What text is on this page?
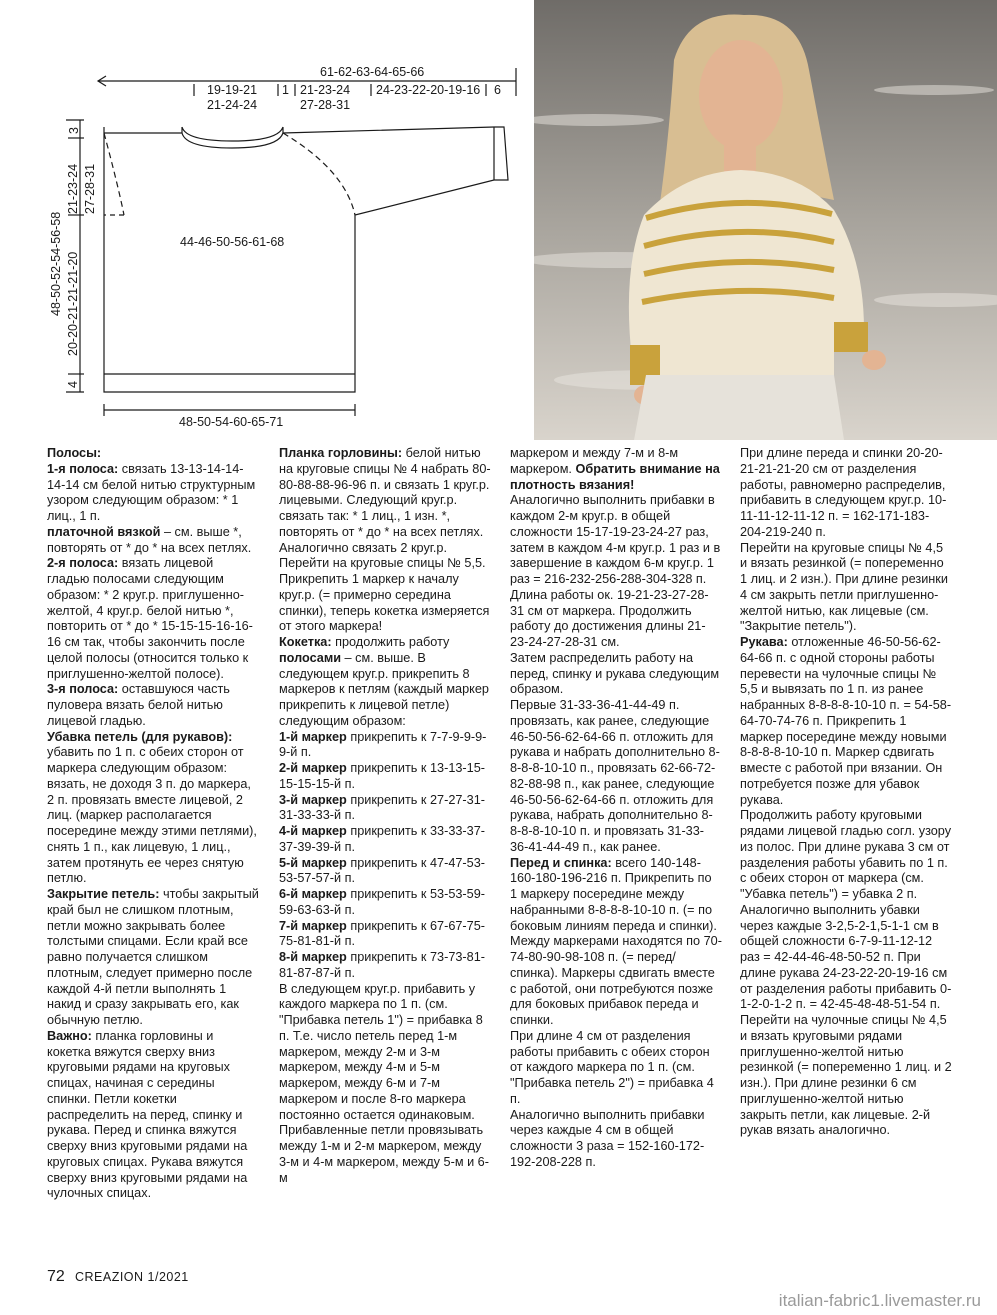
61-62-63-64-65-66
19-19-21
21-24-24
1 21-23-24
27-28-31
24-23-22-20-19-16 6
3
48-50-52-54-56-58
21-23-24 27-28-31
20-20-21-21-21-20
4
44-46-50-56-61-68
48-50-54-60-65-71

Полосы:

1-я полоса: связать 13-13-14-14-14-14 см белой нитью структурным узором следующим образом: * 1 лиц., 1 п.

платочной вязкой – см. выше *, повторять от * до * на всех петлях.

2-я полоса: вязать лицевой гладью полосами следующим образом: * 2 круг.р. приглушенно-желтой, 4 круг.р. белой нитью *, повторить от * до * 15-15-15-16-16-16 см так, чтобы закончить после целой полосы (относится только к приглушенно-желтой полосе).

3-я полоса: оставшуюся часть пуловера вязать белой нитью лицевой гладью.

Убавка петель (для рукавов): убавить по 1 п. с обеих сторон от маркера следующим образом: вязать, не доходя 3 п. до маркера, 2 п. провязать вместе лицевой, 2 лиц. (маркер располагается посередине между этими петлями), снять 1 п., как лицевую, 1 лиц., затем протянуть ее через снятую петлю.

Закрытие петель: чтобы закрытый край был не слишком плотным, петли можно закрывать более толстыми спицами. Если край все равно получается слишком плотным, следует примерно после каждой 4-й петли выполнять 1 накид и сразу закрывать его, как обычную петлю.

Важно: планка горловины и кокетка вяжутся сверху вниз круговыми рядами на круговых спицах, начиная с середины спинки. Петли кокетки распределить на перед, спинку и рукава. Перед и спинка вяжутся сверху вниз круговыми рядами на круговых спицах. Рукава вяжутся сверху вниз круговыми рядами на чулочных спицах.

Планка горловины: белой нитью на круговые спицы № 4 набрать 80-80-88-88-96-96 п. и связать 1 круг.р. лицевыми. Следующий круг.р. связать так: * 1 лиц., 1 изн. *, повторять от * до * на всех петлях. Аналогично связать 2 круг.р. Перейти на круговые спицы № 5,5. Прикрепить 1 маркер к началу круг.р. (= примерно середина спинки), теперь кокетка измеряется от этого маркера!

Кокетка: продолжить работу

полосами – см. выше. В следующем круг.р. прикрепить 8 маркеров к петлям (каждый маркер прикрепить к лицевой петле) следующим образом:

1-й маркер прикрепить к 7-7-9-9-9-9-й п.

2-й маркер прикрепить к 13-13-15-15-15-15-й п.

3-й маркер прикрепить к 27-27-31-31-33-33-й п.

4-й маркер прикрепить к 33-33-37-37-39-39-й п.

5-й маркер прикрепить к 47-47-53-53-57-57-й п.

6-й маркер прикрепить к 53-53-59-59-63-63-й п.

7-й маркер прикрепить к 67-67-75-75-81-81-й п.

8-й маркер прикрепить к 73-73-81-81-87-87-й п.

В следующем круг.р. прибавить у каждого маркера по 1 п. (см. "Прибавка петель 1") = прибавка 8 п. Т.е. число петель перед 1-м маркером, между 2-м и 3-м маркером, между 4-м и 5-м маркером, между 6-м и 7-м маркером и после 8-го маркера постоянно остается одинаковым. Прибавленные петли провязывать между 1-м и 2-м маркером, между 3-м и 4-м маркером, между 5-м и 6-м

маркером и между 7-м и 8-м маркером. Обратить внимание на плотность вязания!

Аналогично выполнить прибавки в каждом 2-м круг.р. в общей сложности 15-17-19-23-24-27 раз, затем в каждом 4-м круг.р. 1 раз и в завершение в каждом 6-м круг.р. 1 раз = 216-232-256-288-304-328 п. Длина работы ок. 19-21-23-27-28-31 см от маркера. Продолжить работу до достижения длины 21-23-24-27-28-31 см.

Затем распределить работу на перед, спинку и рукава следующим образом.

Первые 31-33-36-41-44-49 п. провязать, как ранее, следующие 46-50-56-62-64-66 п. отложить для рукава и набрать дополнительно 8-8-8-8-10-10 п., провязать 62-66-72-82-88-98 п., как ранее, следующие 46-50-56-62-64-66 п. отложить для рукава, набрать дополнительно 8-8-8-8-10-10 п. и провязать 31-33-36-41-44-49 п., как ранее.

Перед и спинка: всего 140-148-160-180-196-216 п. Прикрепить по 1 маркеру посередине между набранными 8-8-8-8-10-10 п. (= по боковым линиям переда и спинки). Между маркерами находятся по 70-74-80-90-98-108 п. (= перед/спинка). Маркеры сдвигать вместе с работой, они потребуются позже для боковых прибавок переда и спинки.

При длине 4 см от разделения работы прибавить с обеих сторон от каждого маркера по 1 п. (см. "Прибавка петель 2") = прибавка 4 п.

Аналогично выполнить прибавки через каждые 4 см в общей сложности 3 раза = 152-160-172-192-208-228 п.

При длине переда и спинки 20-20-21-21-21-20 см от разделения работы, равномерно распределив, прибавить в следующем круг.р. 10-11-11-12-11-12 п. = 162-171-183-204-219-240 п.

Перейти на круговые спицы № 4,5 и вязать резинкой (= попеременно 1 лиц. и 2 изн.). При длине резинки 4 см закрыть петли приглушенно-желтой нитью, как лицевые (см. "Закрытие петель").

Рукава: отложенные 46-50-56-62-64-66 п. с одной стороны работы перевести на чулочные спицы № 5,5 и вывязать по 1 п. из ранее набранных 8-8-8-8-10-10 п. = 54-58-64-70-74-76 п. Прикрепить 1 маркер посередине между новыми 8-8-8-8-10-10 п. Маркер сдвигать вместе с работой при вязании. Он потребуется позже для убавок рукава.

Продолжить работу круговыми рядами лицевой гладью согл. узору из полос. При длине рукава 3 см от разделения работы убавить по 1 п. с обеих сторон от маркера (см. "Убавка петель") = убавка 2 п. Аналогично выполнить убавки через каждые 3-2,5-2-1,5-1-1 см в общей сложности 6-7-9-11-12-12 раз = 42-44-46-48-50-52 п. При длине рукава 24-23-22-20-19-16 см от разделения работы прибавить 0-1-2-0-1-2 п. = 42-45-48-48-51-54 п.

Перейти на чулочные спицы № 4,5 и вязать круговыми рядами приглушенно-желтой нитью резинкой (= попеременно 1 лиц. и 2 изн.). При длине резинки 6 см приглушенно-желтой нитью закрыть петли, как лицевые. 2-й рукав вязать аналогично.

72 CREAZION 1/2021
italian-fabric1.livemaster.ru
